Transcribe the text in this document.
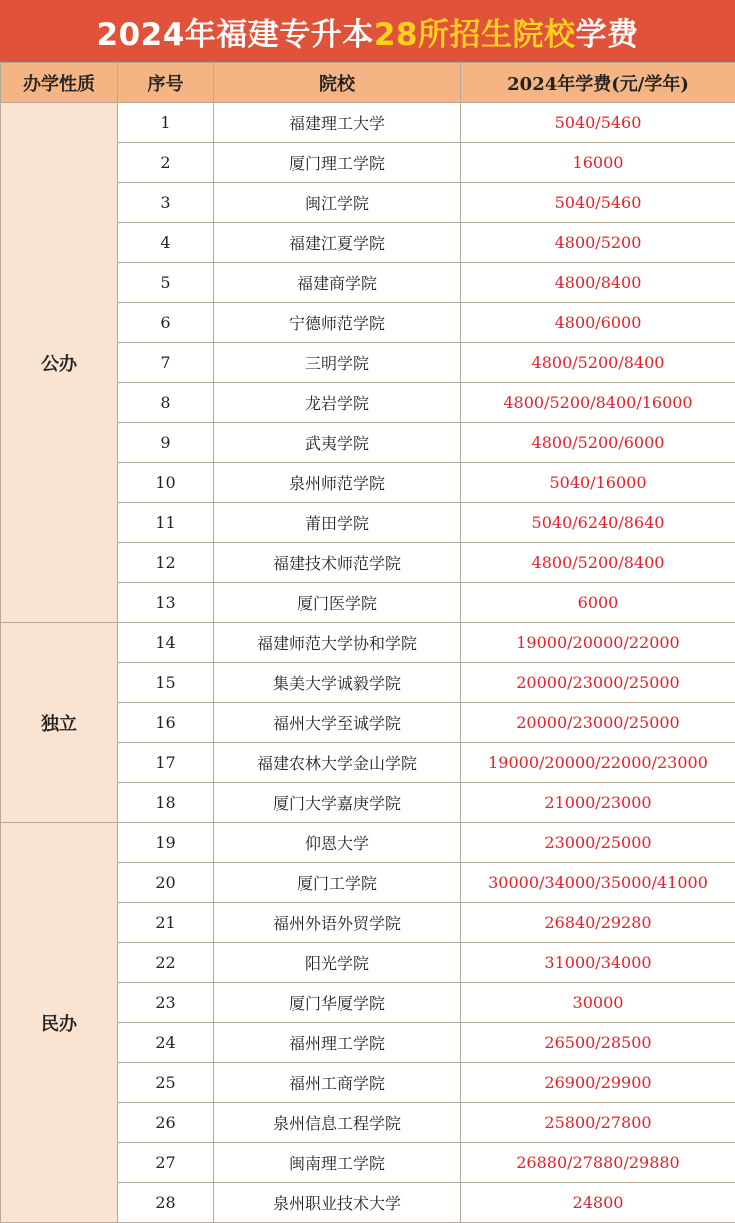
2024年福建专升本 28所招生院校 学费
办学性质	序号	院校	2024年学费(元/学年)
公办	1	福建理工大学	5040/5460
	2	厦门理工学院	16000
	3	闽江学院	5040/5460
	4	福建江夏学院	4800/5200
	5	福建商学院	4800/8400
	6	宁德师范学院	4800/6000
	7	三明学院	4800/5200/8400
	8	龙岩学院	4800/5200/8400/16000
	9	武夷学院	4800/5200/6000
	10	泉州师范学院	5040/16000
	11	莆田学院	5040/6240/8640
	12	福建技术师范学院	4800/5200/8400
	13	厦门医学院	6000
独立	14	福建师范大学协和学院	19000/20000/22000
	15	集美大学诚毅学院	20000/23000/25000
	16	福州大学至诚学院	20000/23000/25000
	17	福建农林大学金山学院	19000/20000/22000/23000
	18	厦门大学嘉庚学院	21000/23000
民办	19	仰恩大学	23000/25000
	20	厦门工学院	30000/34000/35000/41000
	21	福州外语外贸学院	26840/29280
	22	阳光学院	31000/34000
	23	厦门华厦学院	30000
	24	福州理工学院	26500/28500
	25	福州工商学院	26900/29900
	26	泉州信息工程学院	25800/27800
	27	闽南理工学院	26880/27880/29880
	28	泉州职业技术大学	24800
